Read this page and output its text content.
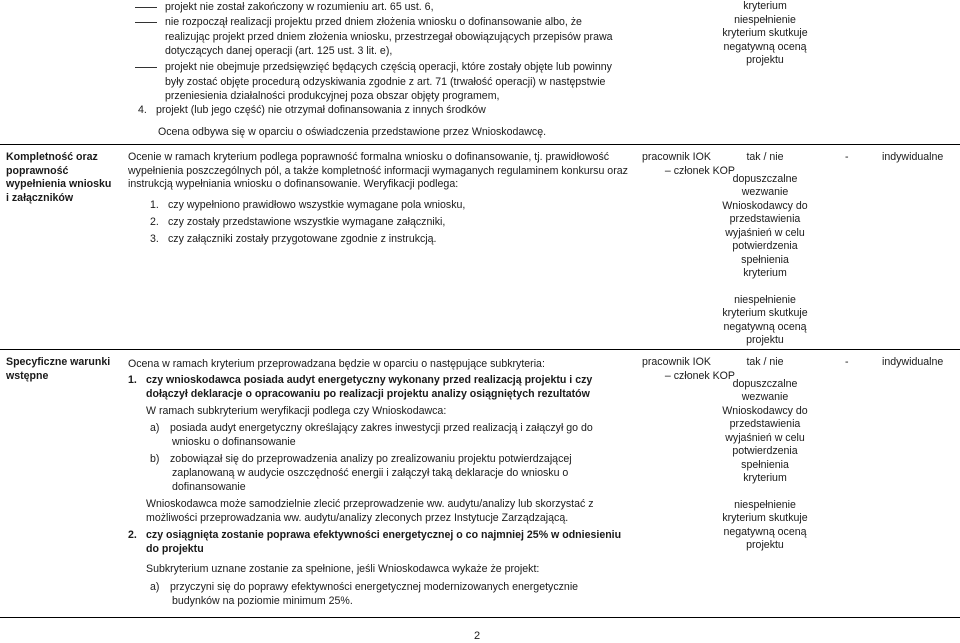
projekt nie został zakończony w rozumieniu art. 65 ust. 6,
nie rozpoczął realizacji projektu przed dniem złożenia wniosku o dofinansowanie albo, że
realizując projekt przed dniem złożenia wniosku, przestrzegał obowiązujących przepisów prawa
dotyczących danej operacji (art. 125 ust. 3 lit. e),
projekt nie obejmuje przedsięwzięć będących częścią operacji, które zostały objęte lub powinny
były zostać objęte procedurą odzyskiwania zgodnie z art. 71 (trwałość operacji) w następstwie
przeniesienia działalności produkcyjnej poza obszar objęty programem,
4. projekt (lub jego część) nie otrzymał dofinansowania z innych środków
Ocena odbywa się w oparciu o oświadczenia przedstawione przez Wnioskodawcę.
kryterium
niespełnienie
kryterium skutkuje
negatywną oceną
projektu
Kompletność oraz
poprawność
wypełnienia wniosku
i załączników
Ocenie w ramach kryterium podlega poprawność formalna wniosku o dofinansowanie, tj. prawidłowość
wypełnienia poszczególnych pól, a także kompletność informacji wymaganych regulaminem konkursu oraz
instrukcją wypełniania wniosku o dofinansowanie. Weryfikacji podlega:
1. czy wypełniono prawidłowo wszystkie wymagane pola wniosku,
2. czy zostały przedstawione wszystkie wymagane załączniki,
3. czy załączniki zostały przygotowane zgodnie z instrukcją.
pracownik IOK
– członek KOP
tak / nie
dopuszczalne
wezwanie
Wnioskodawcy do
przedstawienia
wyjaśnień w celu
potwierdzenia
spełnienia
kryterium
niespełnienie
kryterium skutkuje
negatywną oceną
projektu
-	indywidualne
Specyficzne warunki
wstępne
Ocena w ramach kryterium przeprowadzana będzie w oparciu o następujące subkryteria:
1. czy wnioskodawca posiada audyt energetyczny wykonany przed realizacją projektu i czy
dołączył deklaracje o opracowaniu po realizacji projektu analizy osiągniętych rezultatów
W ramach subkryterium weryfikacji podlega czy Wnioskodawca:
a) posiada audyt energetyczny określający zakres inwestycji przed realizacją i załączył go do
wniosku o dofinansowanie
b) zobowiązał się do przeprowadzenia analizy po zrealizowaniu projektu potwierdzającej
zaplanowaną w audycie oszczędność energii i załączył taką deklaracje do wniosku o
dofinansowanie
Wnioskodawca może samodzielnie zlecić przeprowadzenie ww. audytu/analizy lub skorzystać z
możliwości przeprowadzania ww. audytu/analizy zleconych przez Instytucje Zarządzającą.
2. czy osiągnięta zostanie poprawa efektywności energetycznej o co najmniej 25% w odniesieniu
do projektu
Subkryterium uznane zostanie za spełnione, jeśli Wnioskodawca wykaże że projekt:
a) przyczyni się do poprawy efektywności energetycznej modernizowanych energetycznie
budynków na poziomie minimum 25%.
pracownik IOK
– członek KOP
tak / nie
dopuszczalne
wezwanie
Wnioskodawcy do
przedstawienia
wyjaśnień w celu
potwierdzenia
spełnienia
kryterium
niespełnienie
kryterium skutkuje
negatywną oceną
projektu
-	indywidualne
2
